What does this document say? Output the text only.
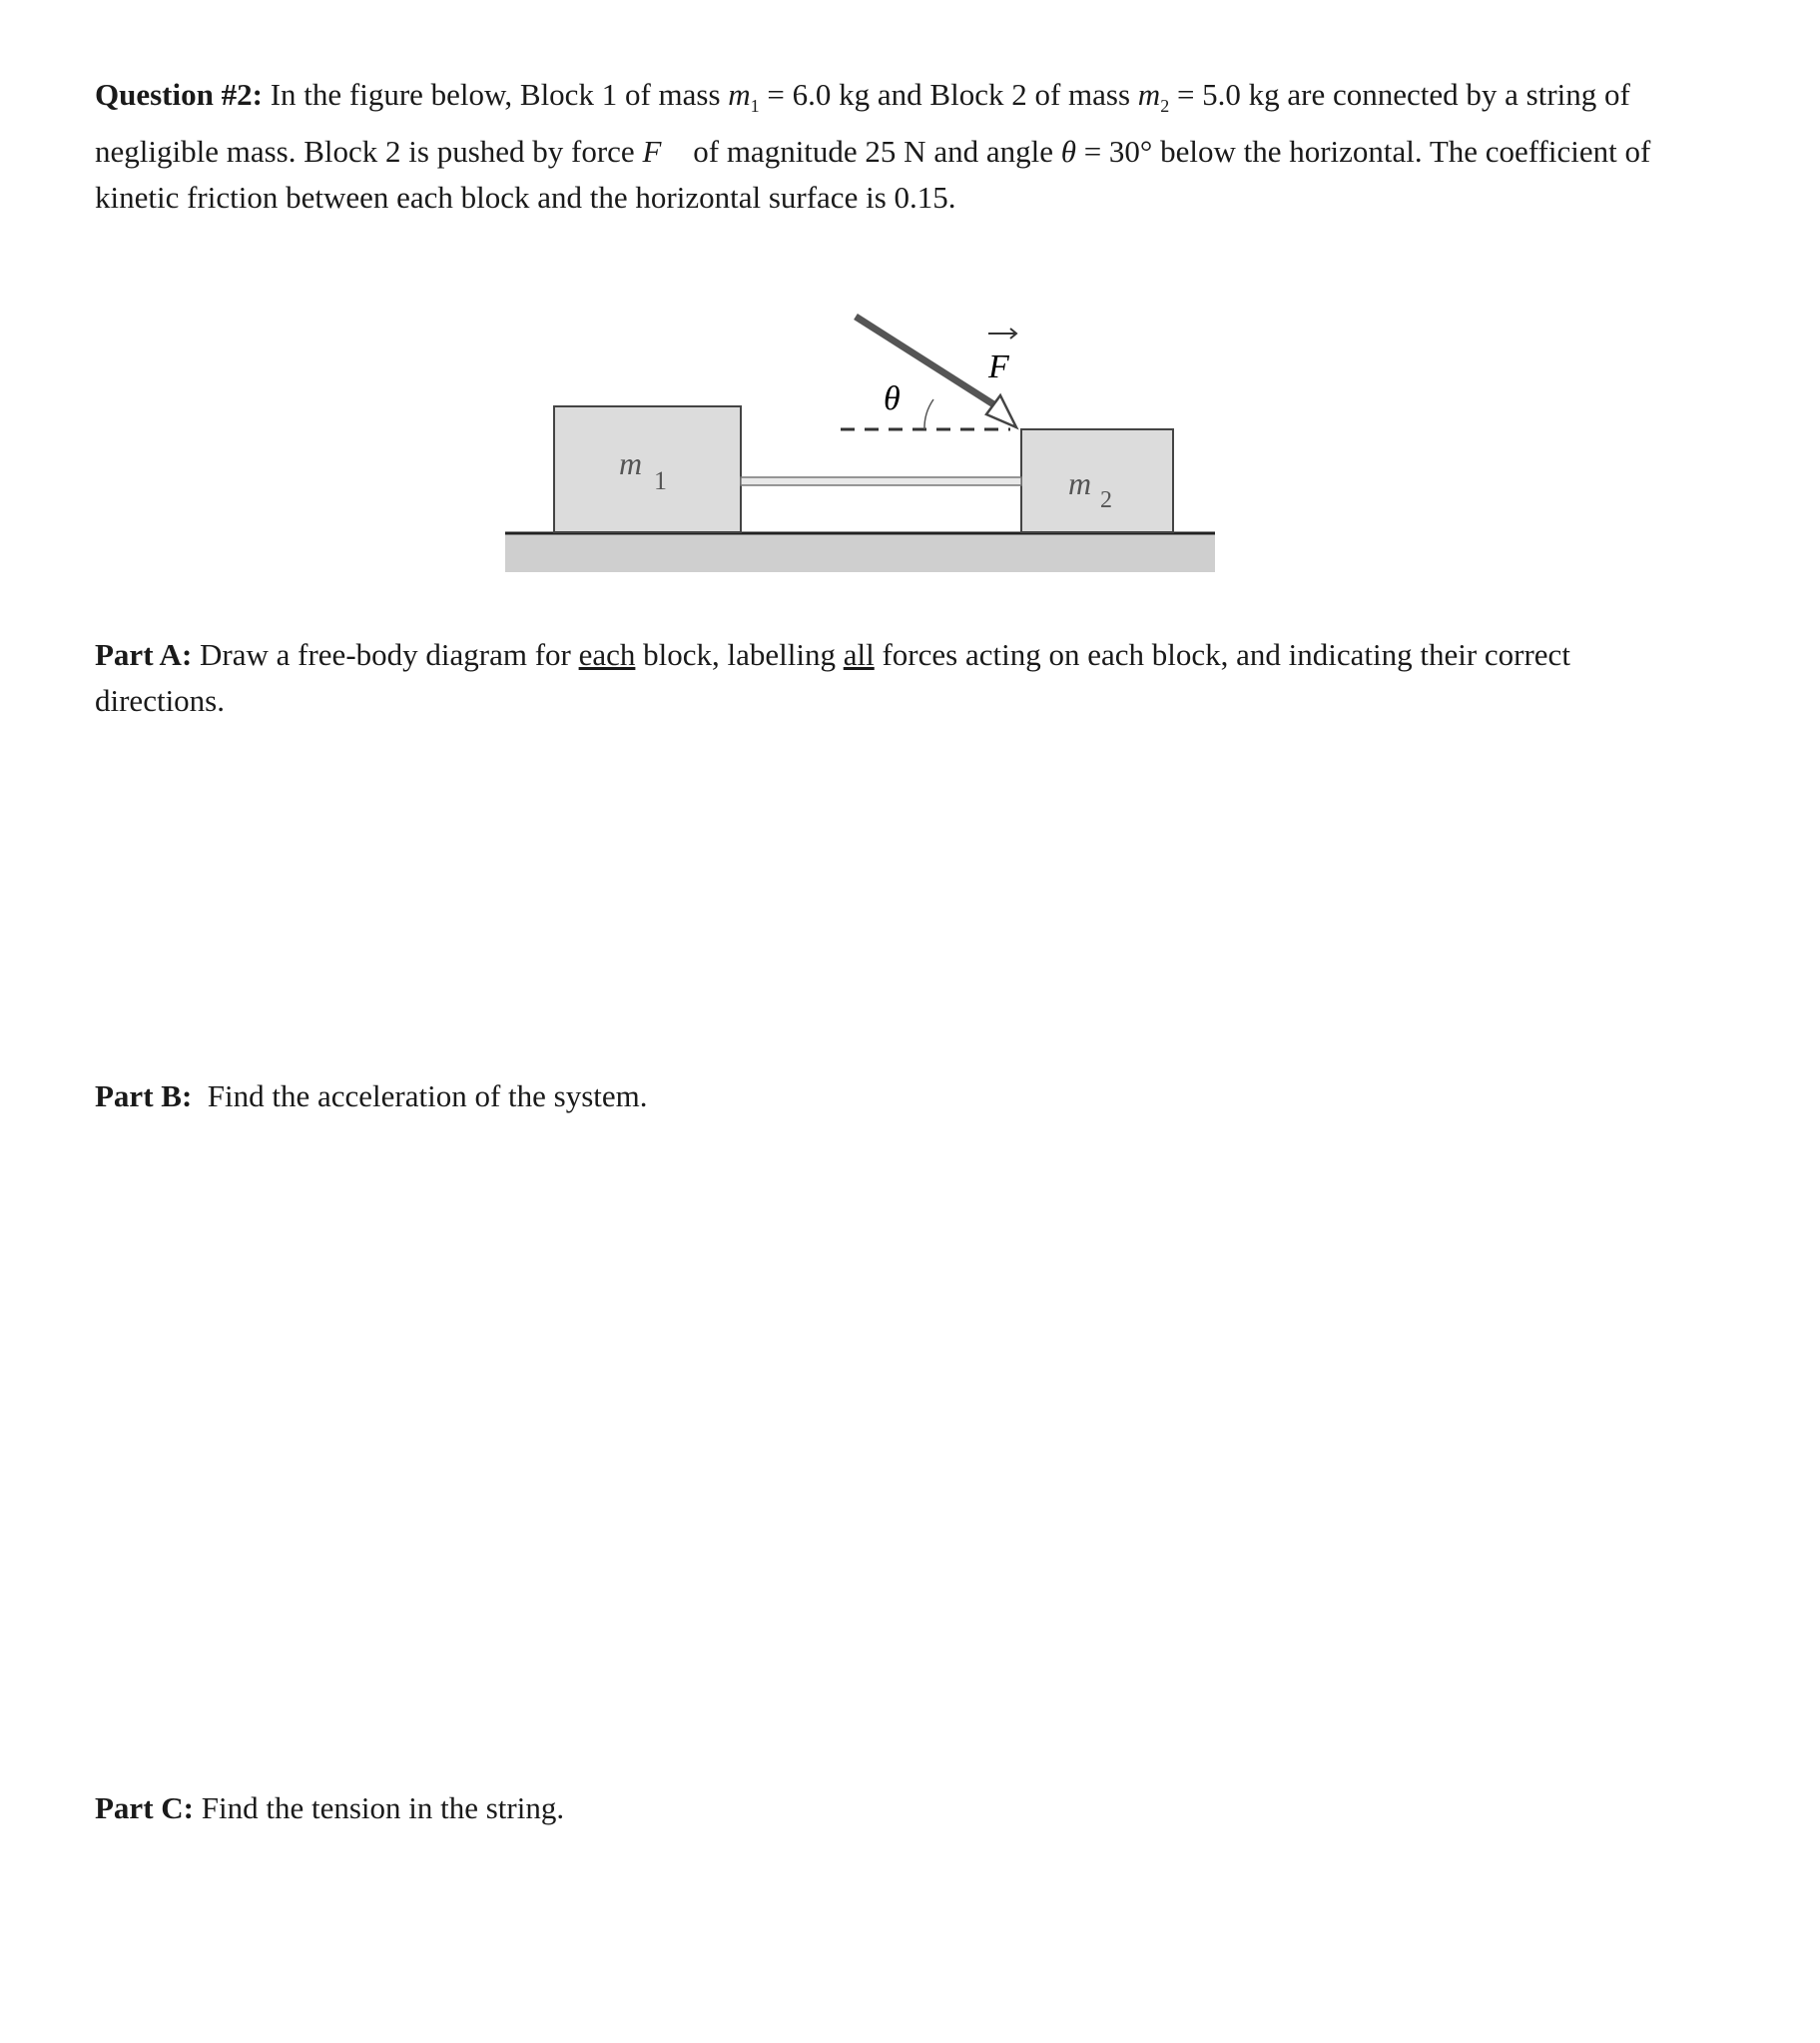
Question #2: In the figure below, Block 1 of mass $m_1 = 6.0$ kg and Block 2 of mass $m_2 = 5.0$ kg are connected by a string of negligible mass. Block 2 is pushed by force F⃗ of magnitude 25 N and angle θ = 30° below the horizontal. The coefficient of kinetic friction between each block and the horizontal surface is 0.15.
θ
F
m 1	m 2
Part A: Draw a free-body diagram for each block, labelling all forces acting on each block, and indicating their correct directions.
Part B:  Find the acceleration of the system.
Part C: Find the tension in the string.
